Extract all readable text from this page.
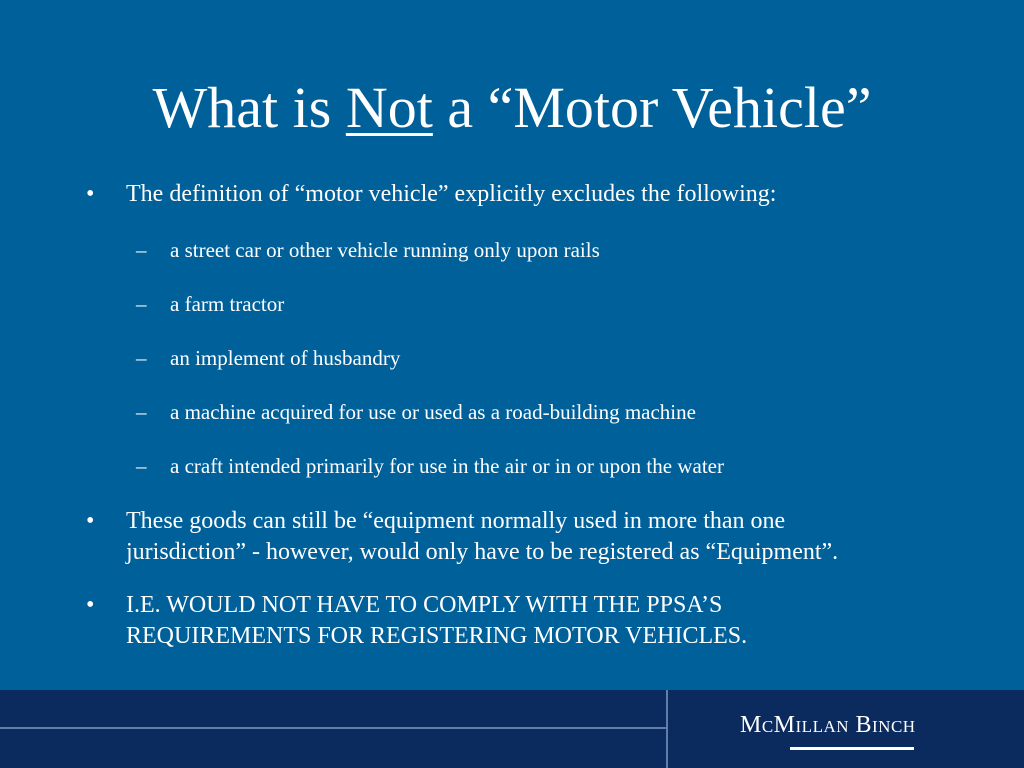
What is Not a “Motor Vehicle”
• The definition of “motor vehicle” explicitly excludes the following:
– a street car or other vehicle running only upon rails
– a farm tractor
– an implement of husbandry
– a machine acquired for use or used as a road-building machine
– a craft intended primarily for use in the air or in or upon the water
• These goods can still be “equipment normally used in more than one
jurisdiction” - however, would only have to be registered as “Equipment”.
• I.E. WOULD NOT HAVE TO COMPLY WITH THE PPSA’S
REQUIREMENTS FOR REGISTERING MOTOR VEHICLES.
McMillan Binch
